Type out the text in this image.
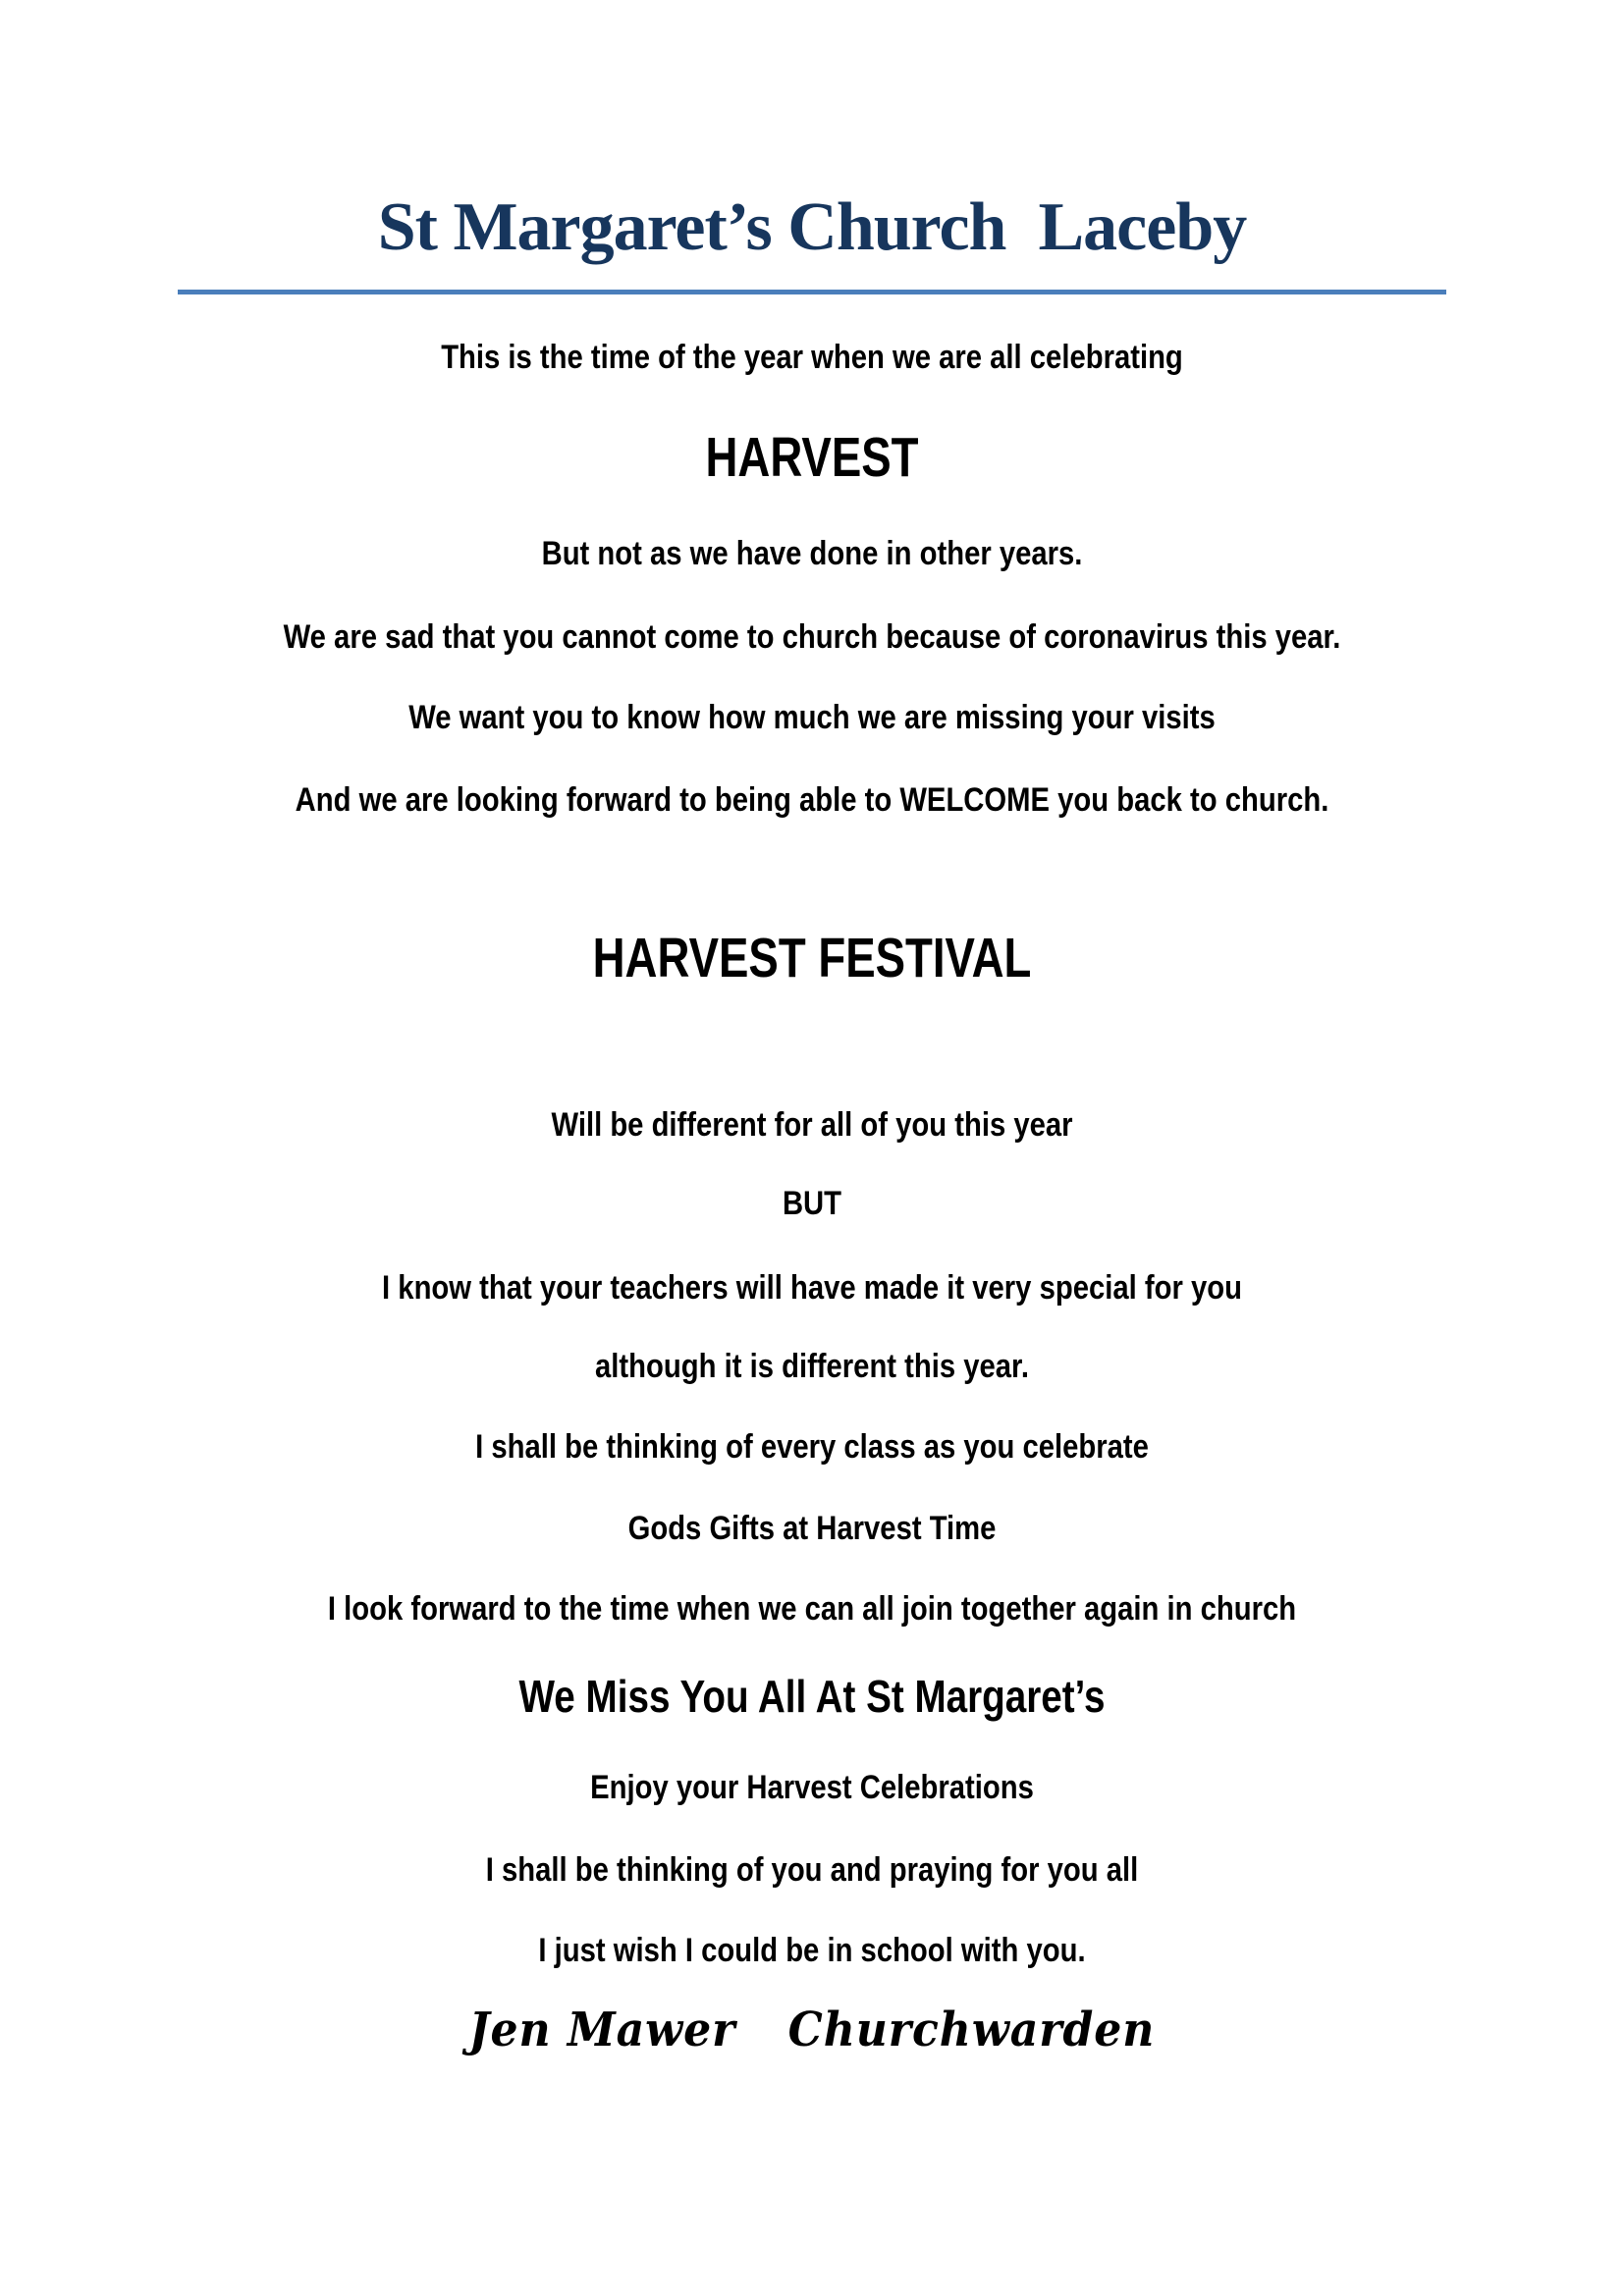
St Margaret’s Church  Laceby

This is the time of the year when we are all celebrating

HARVEST

But not as we have done in other years.

We are sad that you cannot come to church because of coronavirus this year.

We want you to know how much we are missing your visits

And we are looking forward to being able to WELCOME you back to church.

HARVEST FESTIVAL

Will be different for all of you this year

BUT

I know that your teachers will have made it very special for you

although it is different this year.

I shall be thinking of every class as you celebrate

Gods Gifts at Harvest Time

I look forward to the time when we can all join together again in church

We Miss You All At St Margaret’s

Enjoy your Harvest Celebrations

I shall be thinking of you and praying for you all

I just wish I could be in school with you.

Jen Mawer Churchwarden
